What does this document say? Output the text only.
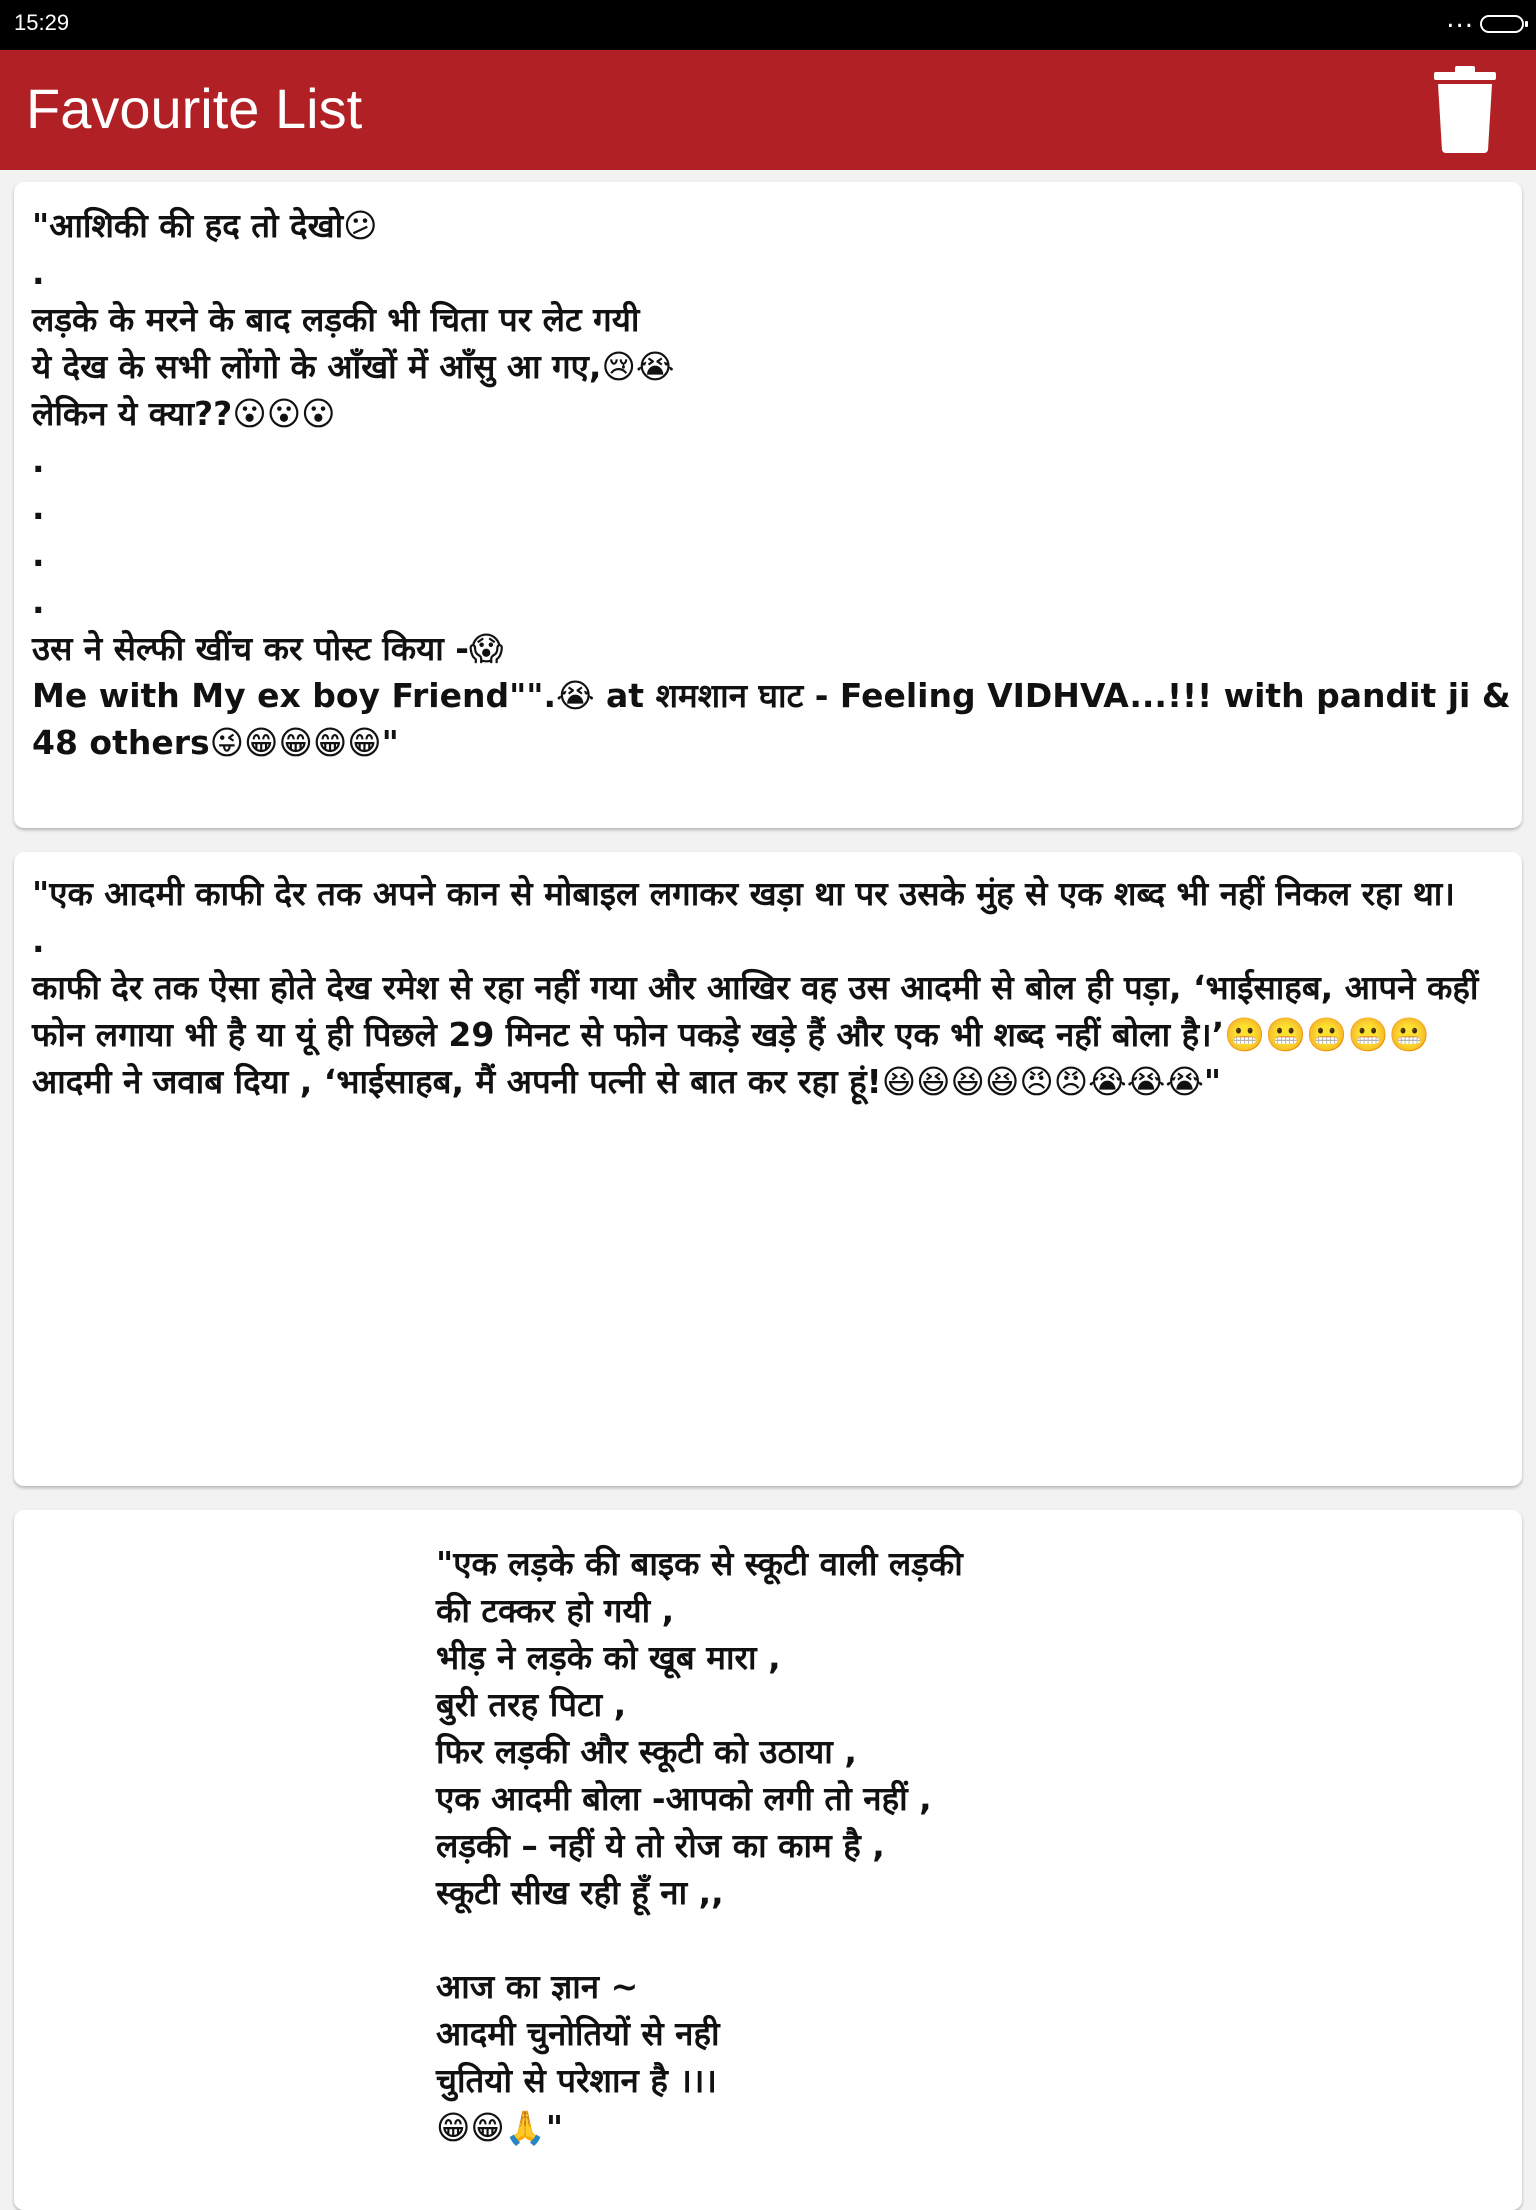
15:29	...
Favourite List
"आशिकी की हद तो देखो😕
.
लड़के के मरने के बाद लड़की भी चिता पर लेट गयी
ये देख के सभी लोंगो के आँखों में आँसु आ गए,😢😭
लेकिन ये क्या??😮😮😮
.
.
.
.
उस ने सेल्फी खींच कर पोस्ट किया -😱
Me with My ex boy Friend"".😭 at शमशान घाट - Feeling VIDHVA...!!! with pandit ji & 48 others😜😁😁😁😁"
"एक आदमी काफी देर तक अपने कान से मोबाइल लगाकर खड़ा था पर उसके मुंह से एक शब्द भी नहीं निकल रहा था।
.
काफी देर तक ऐसा होते देख रमेश से रहा नहीं गया और आखिर वह उस आदमी से बोल ही पड़ा, ‘भाईसाहब, आपने कहीं फोन लगाया भी है या यूं ही पिछले 29 मिनट से फोन पकड़े खड़े हैं और एक भी शब्द नहीं बोला है।’😬😬😬😬😬
आदमी ने जवाब दिया , ‘भाईसाहब, मैं अपनी पत्नी से बात कर रहा हूं!😆😆😆😆😠😠😭😭😭"
"एक लड़के की बाइक से स्कूटी वाली लड़की
की टक्कर हो गयी ,
भीड़ ने लड़के को खूब मारा ,
बुरी तरह पिटा ,
फिर लड़की और स्कूटी को उठाया ,
एक आदमी बोला -आपको लगी तो नहीं ,
लड़की – नहीं ये तो रोज का काम है ,
स्कूटी सीख रही हूँ ना ,,

आज का ज्ञान ~
आदमी चुनोतियों से नही
चुतियो से परेशान है ।।।
😁😁🙏"
